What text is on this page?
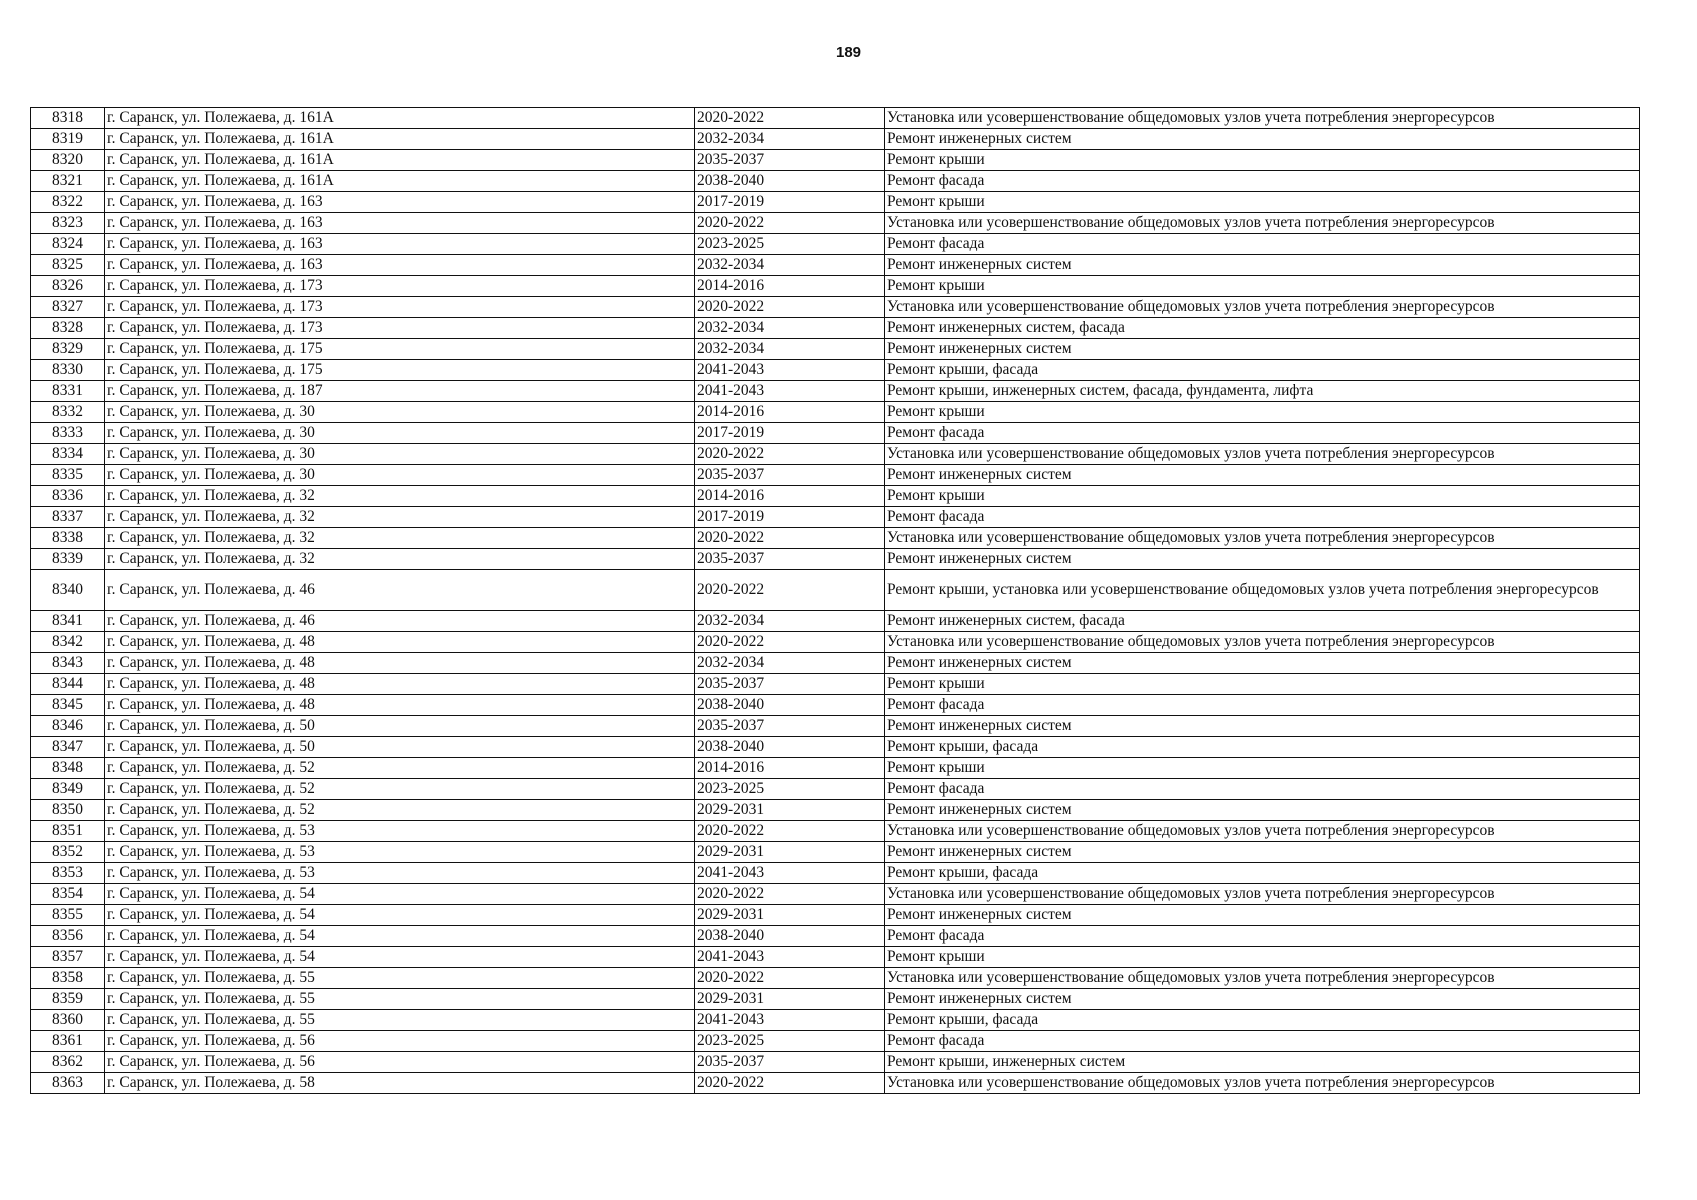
189
8318	г. Саранск, ул. Полежаева, д. 161А	2020-2022	Установка или усовершенствование общедомовых узлов учета потребления энергоресурсов
8319	г. Саранск, ул. Полежаева, д. 161А	2032-2034	Ремонт инженерных систем
8320	г. Саранск, ул. Полежаева, д. 161А	2035-2037	Ремонт крыши
8321	г. Саранск, ул. Полежаева, д. 161А	2038-2040	Ремонт фасада
8322	г. Саранск, ул. Полежаева, д. 163	2017-2019	Ремонт крыши
8323	г. Саранск, ул. Полежаева, д. 163	2020-2022	Установка или усовершенствование общедомовых узлов учета потребления энергоресурсов
8324	г. Саранск, ул. Полежаева, д. 163	2023-2025	Ремонт фасада
8325	г. Саранск, ул. Полежаева, д. 163	2032-2034	Ремонт инженерных систем
8326	г. Саранск, ул. Полежаева, д. 173	2014-2016	Ремонт крыши
8327	г. Саранск, ул. Полежаева, д. 173	2020-2022	Установка или усовершенствование общедомовых узлов учета потребления энергоресурсов
8328	г. Саранск, ул. Полежаева, д. 173	2032-2034	Ремонт инженерных систем, фасада
8329	г. Саранск, ул. Полежаева, д. 175	2032-2034	Ремонт инженерных систем
8330	г. Саранск, ул. Полежаева, д. 175	2041-2043	Ремонт крыши, фасада
8331	г. Саранск, ул. Полежаева, д. 187	2041-2043	Ремонт крыши, инженерных систем, фасада, фундамента, лифта
8332	г. Саранск, ул. Полежаева, д. 30	2014-2016	Ремонт крыши
8333	г. Саранск, ул. Полежаева, д. 30	2017-2019	Ремонт фасада
8334	г. Саранск, ул. Полежаева, д. 30	2020-2022	Установка или усовершенствование общедомовых узлов учета потребления энергоресурсов
8335	г. Саранск, ул. Полежаева, д. 30	2035-2037	Ремонт инженерных систем
8336	г. Саранск, ул. Полежаева, д. 32	2014-2016	Ремонт крыши
8337	г. Саранск, ул. Полежаева, д. 32	2017-2019	Ремонт фасада
8338	г. Саранск, ул. Полежаева, д. 32	2020-2022	Установка или усовершенствование общедомовых узлов учета потребления энергоресурсов
8339	г. Саранск, ул. Полежаева, д. 32	2035-2037	Ремонт инженерных систем
8340	г. Саранск, ул. Полежаева, д. 46	2020-2022	Ремонт крыши, установка или усовершенствование общедомовых узлов учета потребления энергоресурсов
8341	г. Саранск, ул. Полежаева, д. 46	2032-2034	Ремонт инженерных систем, фасада
8342	г. Саранск, ул. Полежаева, д. 48	2020-2022	Установка или усовершенствование общедомовых узлов учета потребления энергоресурсов
8343	г. Саранск, ул. Полежаева, д. 48	2032-2034	Ремонт инженерных систем
8344	г. Саранск, ул. Полежаева, д. 48	2035-2037	Ремонт крыши
8345	г. Саранск, ул. Полежаева, д. 48	2038-2040	Ремонт фасада
8346	г. Саранск, ул. Полежаева, д. 50	2035-2037	Ремонт инженерных систем
8347	г. Саранск, ул. Полежаева, д. 50	2038-2040	Ремонт крыши, фасада
8348	г. Саранск, ул. Полежаева, д. 52	2014-2016	Ремонт крыши
8349	г. Саранск, ул. Полежаева, д. 52	2023-2025	Ремонт фасада
8350	г. Саранск, ул. Полежаева, д. 52	2029-2031	Ремонт инженерных систем
8351	г. Саранск, ул. Полежаева, д. 53	2020-2022	Установка или усовершенствование общедомовых узлов учета потребления энергоресурсов
8352	г. Саранск, ул. Полежаева, д. 53	2029-2031	Ремонт инженерных систем
8353	г. Саранск, ул. Полежаева, д. 53	2041-2043	Ремонт крыши, фасада
8354	г. Саранск, ул. Полежаева, д. 54	2020-2022	Установка или усовершенствование общедомовых узлов учета потребления энергоресурсов
8355	г. Саранск, ул. Полежаева, д. 54	2029-2031	Ремонт инженерных систем
8356	г. Саранск, ул. Полежаева, д. 54	2038-2040	Ремонт фасада
8357	г. Саранск, ул. Полежаева, д. 54	2041-2043	Ремонт крыши
8358	г. Саранск, ул. Полежаева, д. 55	2020-2022	Установка или усовершенствование общедомовых узлов учета потребления энергоресурсов
8359	г. Саранск, ул. Полежаева, д. 55	2029-2031	Ремонт инженерных систем
8360	г. Саранск, ул. Полежаева, д. 55	2041-2043	Ремонт крыши, фасада
8361	г. Саранск, ул. Полежаева, д. 56	2023-2025	Ремонт фасада
8362	г. Саранск, ул. Полежаева, д. 56	2035-2037	Ремонт крыши, инженерных систем
8363	г. Саранск, ул. Полежаева, д. 58	2020-2022	Установка или усовершенствование общедомовых узлов учета потребления энергоресурсов
